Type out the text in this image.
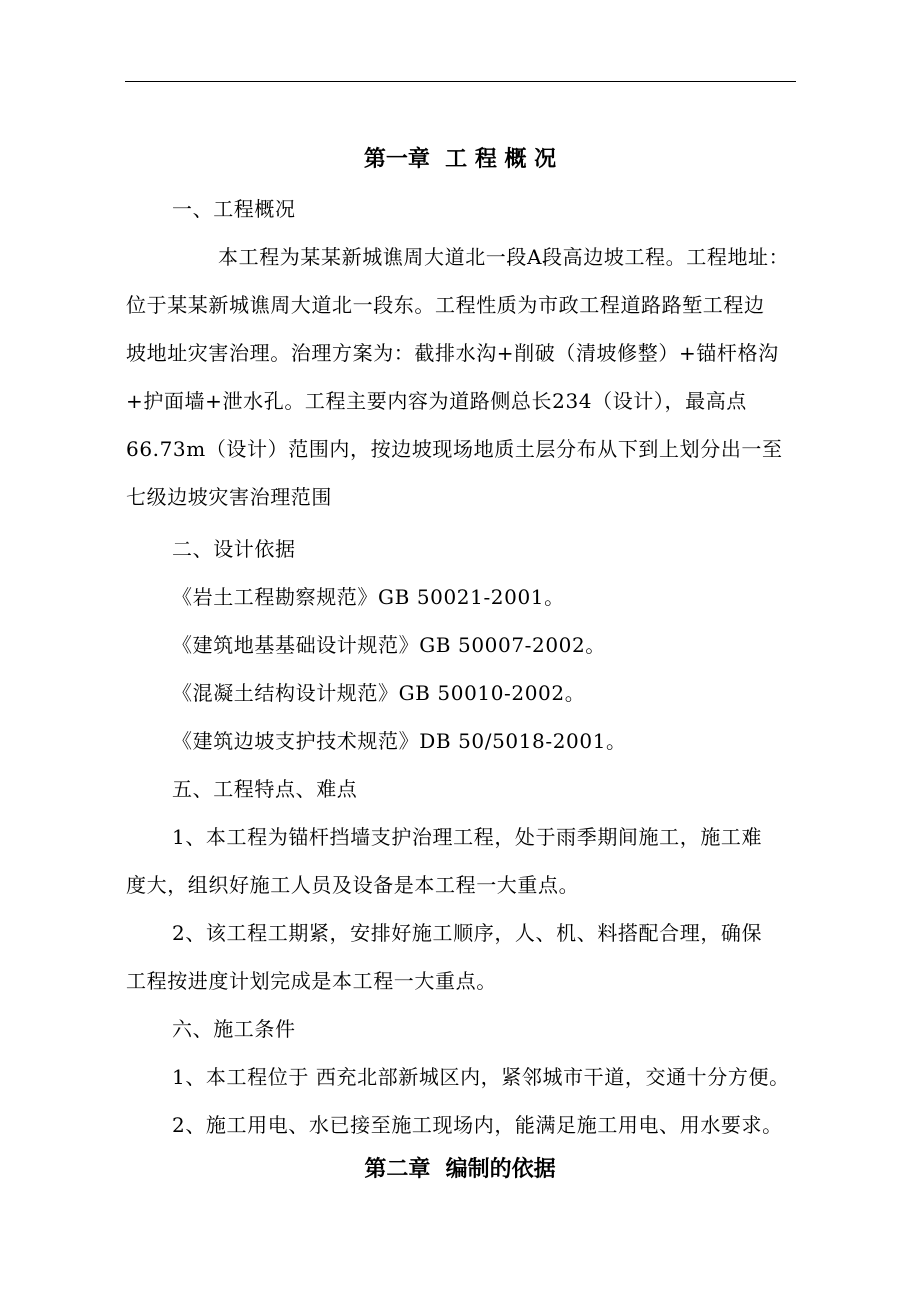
第一章  工 程 概 况
一、工程概况
本工程为某某新城谯周大道北一段A段高边坡工程。工程地址：
位于某某新城谯周大道北一段东。工程性质为市政工程道路路堑工程边
坡地址灾害治理。治理方案为：截排水沟+削破（清坡修整）+锚杆格沟
+护面墙+泄水孔。工程主要内容为道路侧总长234（设计），最高点
66.73m（设计）范围内，按边坡现场地质土层分布从下到上划分出一至
七级边坡灾害治理范围
二、设计依据
《岩土工程勘察规范》GB 50021-2001。
《建筑地基基础设计规范》GB 50007-2002。
《混凝土结构设计规范》GB 50010-2002。
《建筑边坡支护技术规范》DB 50/5018-2001。
五、工程特点、难点
1、本工程为锚杆挡墙支护治理工程，处于雨季期间施工，施工难
度大，组织好施工人员及设备是本工程一大重点。
2、该工程工期紧，安排好施工顺序，人、机、料搭配合理，确保
工程按进度计划完成是本工程一大重点。
六、施工条件
1、本工程位于 西充北部新城区内，紧邻城市干道，交通十分方便。
2、施工用电、水已接至施工现场内，能满足施工用电、用水要求。
第二章  编制的依据
